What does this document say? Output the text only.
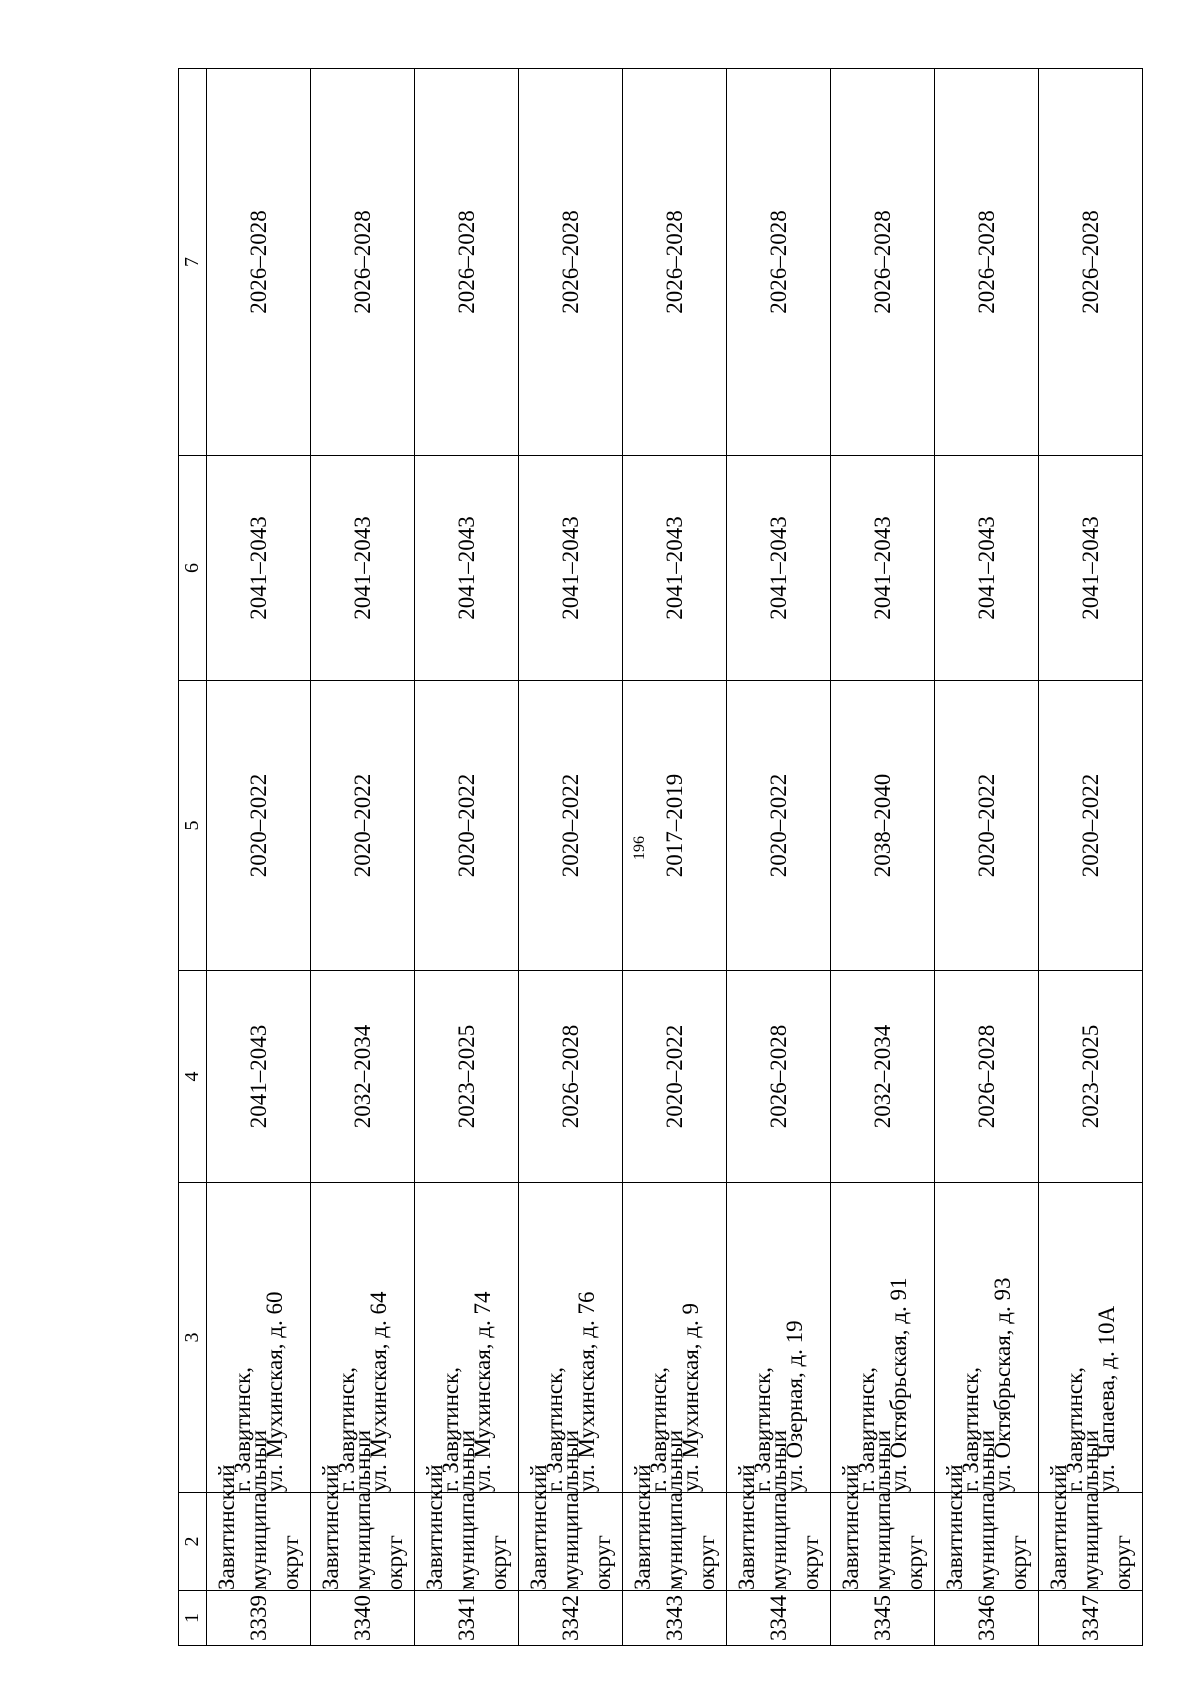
196
1	2	3	4	5	6	7
3339	Завитинский муниципальный округ	г. Завитинск, ул. Мухинская, д. 60	2041–2043	2020–2022	2041–2043	2026–2028
3340	Завитинский муниципальный округ	г. Завитинск, ул. Мухинская, д. 64	2032–2034	2020–2022	2041–2043	2026–2028
3341	Завитинский муниципальный округ	г. Завитинск, ул. Мухинская, д. 74	2023–2025	2020–2022	2041–2043	2026–2028
3342	Завитинский муниципальный округ	г. Завитинск, ул. Мухинская, д. 76	2026–2028	2020–2022	2041–2043	2026–2028
3343	Завитинский муниципальный округ	г. Завитинск, ул. Мухинская, д. 9	2020–2022	2017–2019	2041–2043	2026–2028
3344	Завитинский муниципальный округ	г. Завитинск, ул. Озерная, д. 19	2026–2028	2020–2022	2041–2043	2026–2028
3345	Завитинский муниципальный округ	г. Завитинск, ул. Октябрьская, д. 91	2032–2034	2038–2040	2041–2043	2026–2028
3346	Завитинский муниципальный округ	г. Завитинск, ул. Октябрьская, д. 93	2026–2028	2020–2022	2041–2043	2026–2028
3347	Завитинский муниципальный округ	г. Завитинск, ул. Чапаева, д. 10А	2023–2025	2020–2022	2041–2043	2026–2028
